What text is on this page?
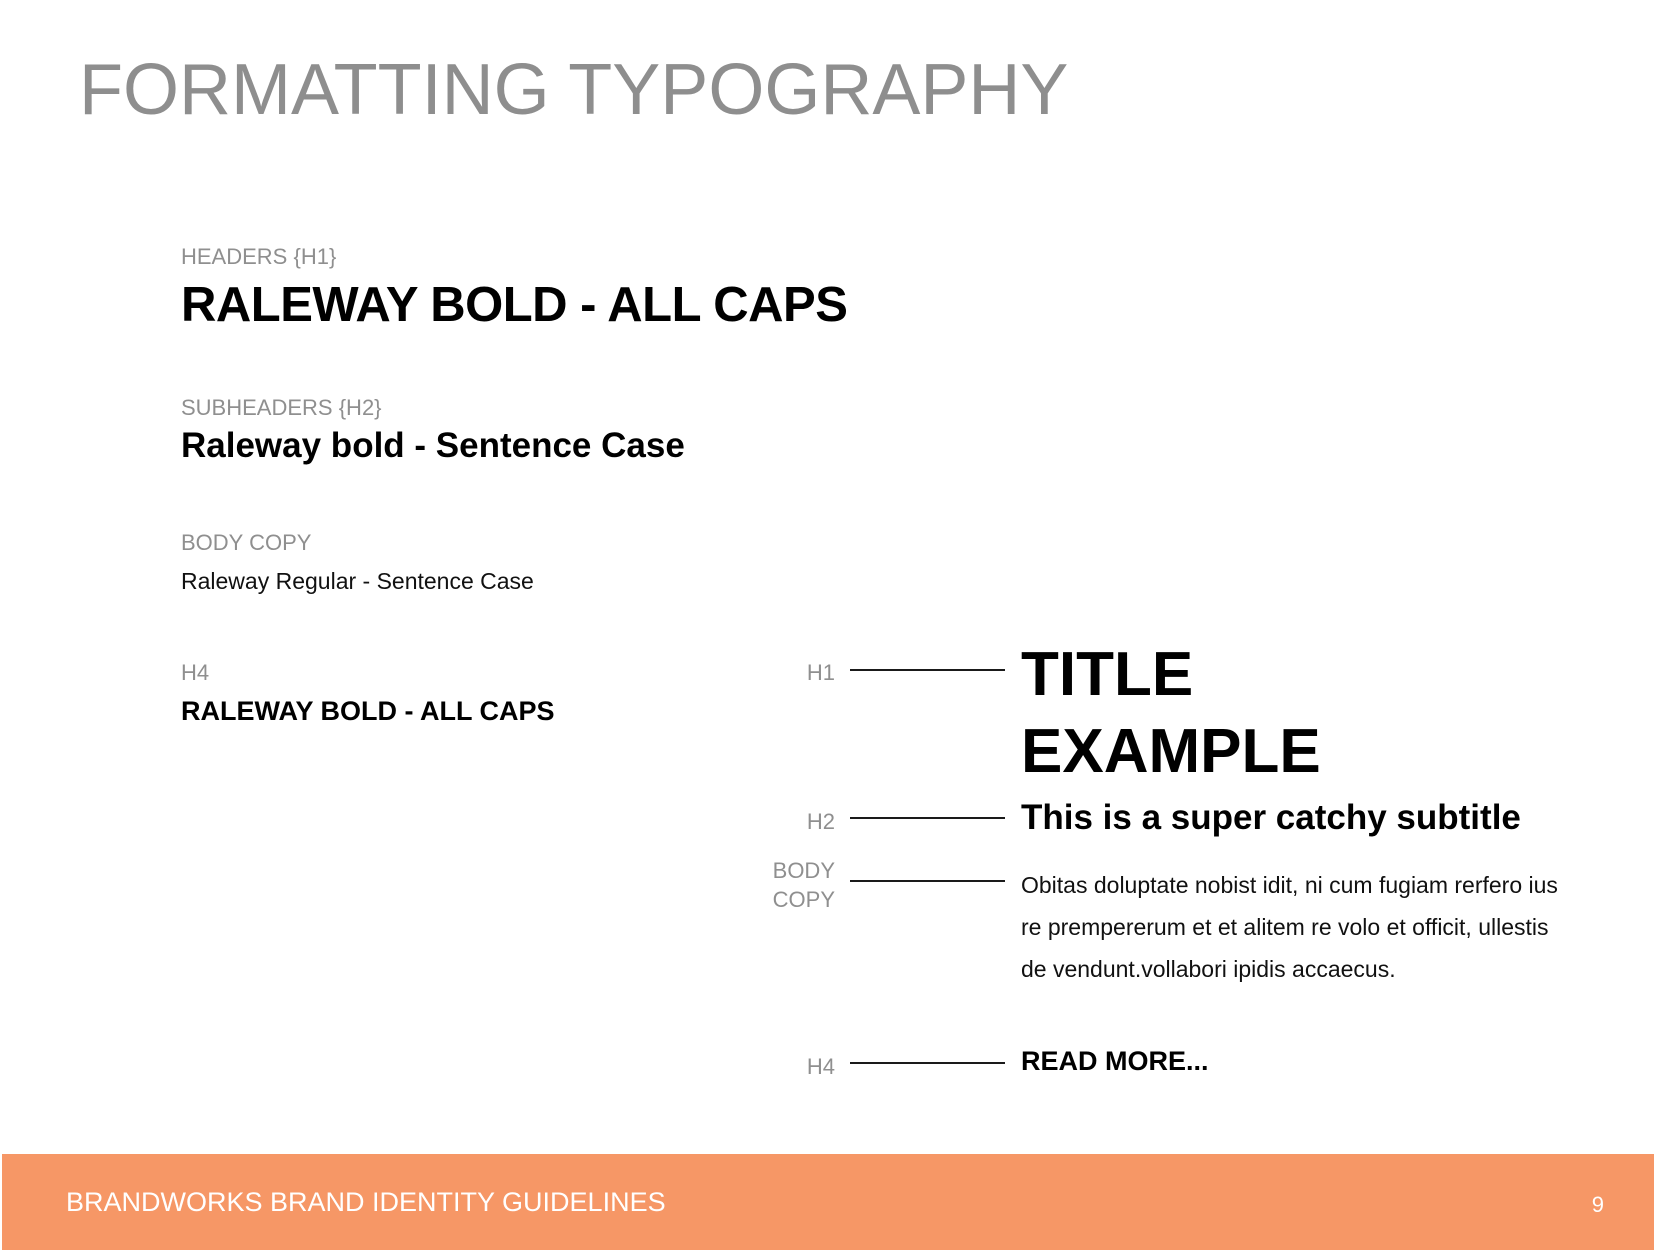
FORMATTING TYPOGRAPHY
HEADERS {H1}
RALEWAY BOLD - ALL CAPS
SUBHEADERS {H2}
Raleway bold - Sentence Case
BODY COPY
Raleway Regular - Sentence Case
H4
RALEWAY BOLD - ALL CAPS
H1
H2
BODY
COPY
H4
TITLE
EXAMPLE
This is a super catchy subtitle
Obitas doluptate nobist idit, ni cum fugiam rerfero ius re prempererum et et alitem re volo et officit, ullestis de vendunt.vollabori ipidis accaecus.
READ MORE...
BRANDWORKS BRAND IDENTITY GUIDELINES	9
